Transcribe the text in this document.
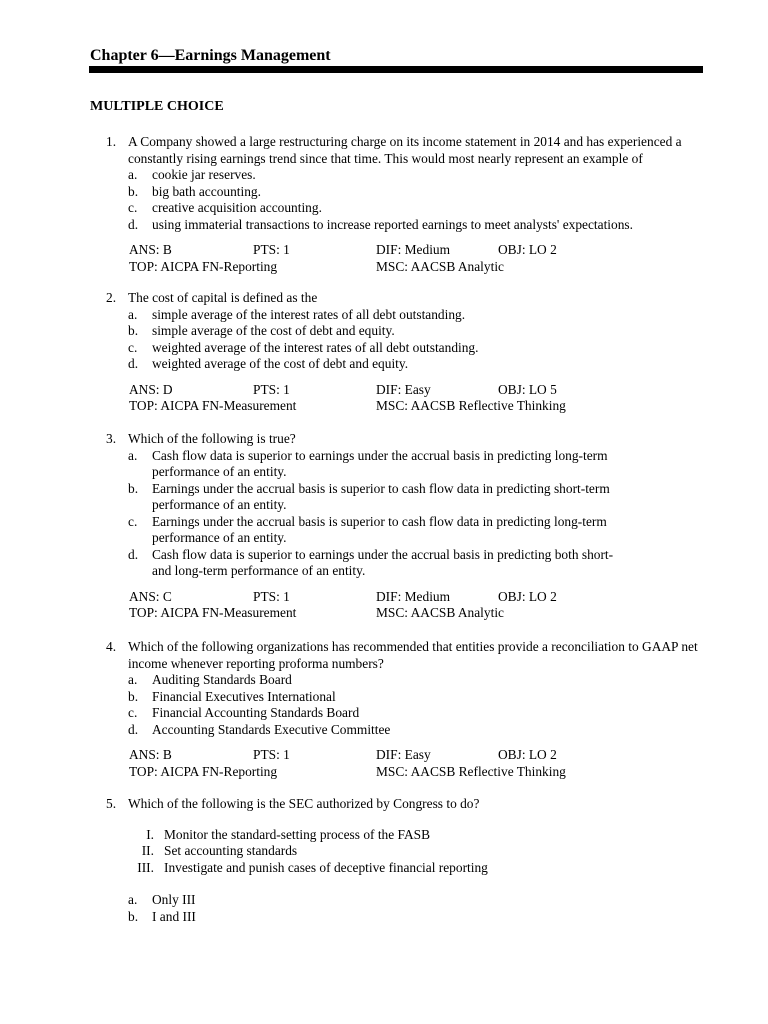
Chapter 6—Earnings Management
MULTIPLE CHOICE
1. A Company showed a large restructuring charge on its income statement in 2014 and has experienced a constantly rising earnings trend since that time. This would most nearly represent an example of
a. cookie jar reserves.
b. big bath accounting.
c. creative acquisition accounting.
d. using immaterial transactions to increase reported earnings to meet analysts' expectations.
ANS: B	PTS: 1	DIF: Medium	OBJ: LO 2
TOP: AICPA FN-Reporting	MSC: AACSB Analytic
2. The cost of capital is defined as the
a. simple average of the interest rates of all debt outstanding.
b. simple average of the cost of debt and equity.
c. weighted average of the interest rates of all debt outstanding.
d. weighted average of the cost of debt and equity.
ANS: D	PTS: 1	DIF: Easy	OBJ: LO 5
TOP: AICPA FN-Measurement	MSC: AACSB Reflective Thinking
3. Which of the following is true?
a. Cash flow data is superior to earnings under the accrual basis in predicting long-term performance of an entity.
b. Earnings under the accrual basis is superior to cash flow data in predicting short-term performance of an entity.
c. Earnings under the accrual basis is superior to cash flow data in predicting long-term performance of an entity.
d. Cash flow data is superior to earnings under the accrual basis in predicting both short- and long-term performance of an entity.
ANS: C	PTS: 1	DIF: Medium	OBJ: LO 2
TOP: AICPA FN-Measurement	MSC: AACSB Analytic
4. Which of the following organizations has recommended that entities provide a reconciliation to GAAP net income whenever reporting proforma numbers?
a. Auditing Standards Board
b. Financial Executives International
c. Financial Accounting Standards Board
d. Accounting Standards Executive Committee
ANS: B	PTS: 1	DIF: Easy	OBJ: LO 2
TOP: AICPA FN-Reporting	MSC: AACSB Reflective Thinking
5. Which of the following is the SEC authorized by Congress to do?
I. Monitor the standard-setting process of the FASB
II. Set accounting standards
III. Investigate and punish cases of deceptive financial reporting
a. Only III
b. I and III
